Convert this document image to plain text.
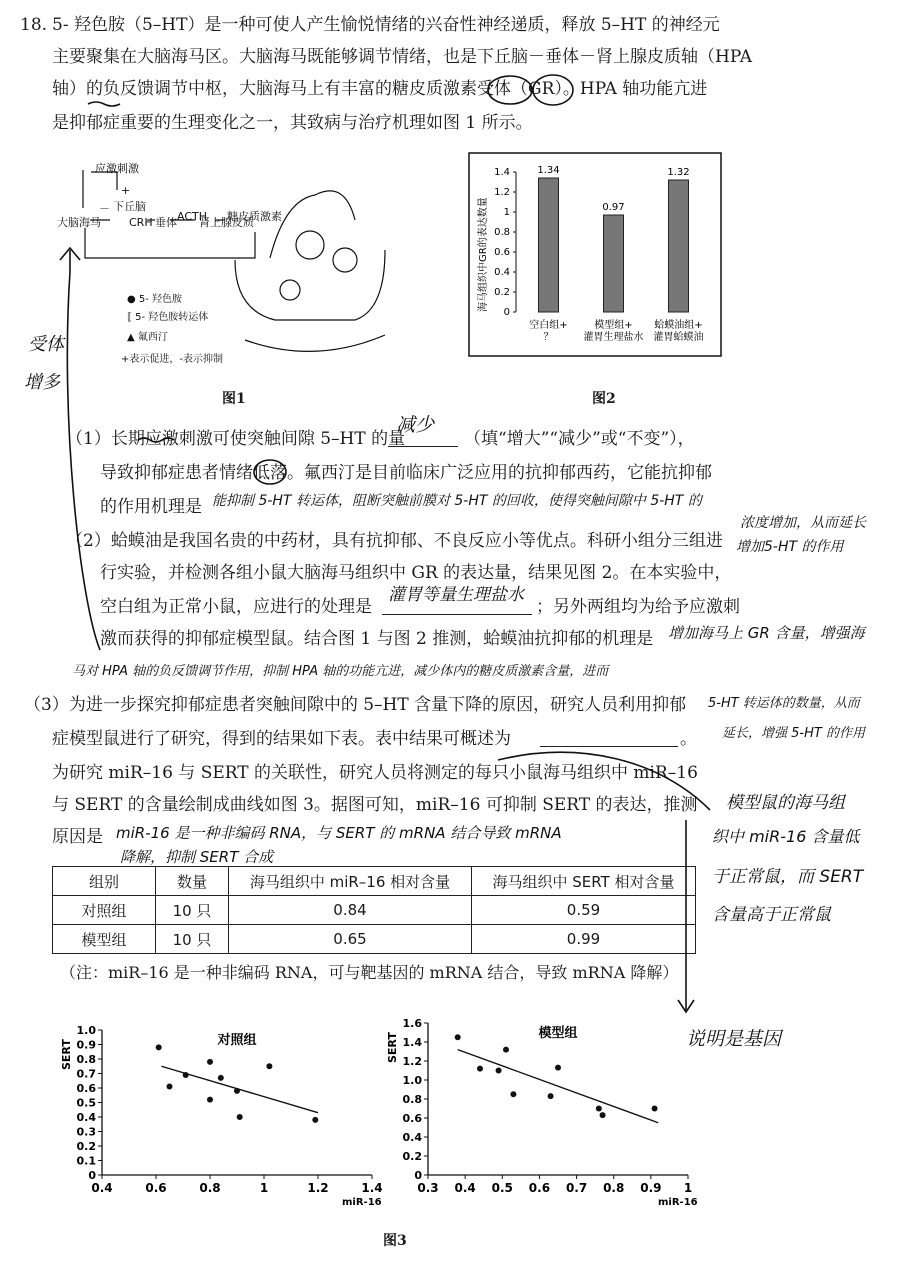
18. 5- 羟色胺（5–HT）是一种可使人产生愉悦情绪的兴奋性神经递质，释放 5–HT 的神经元
主要聚集在大脑海马区。大脑海马既能够调节情绪，也是下丘脑－垂体－肾上腺皮质轴（HPA
轴）的负反馈调节中枢，大脑海马上有丰富的糖皮质激素受体（GR）。HPA 轴功能亢进
是抑郁症重要的生理变化之一，其致病与治疗机理如图 1 所示。
应激刺激
大脑海马
下丘脑
CRH 垂体 ACTH
肾上腺皮质
糖皮质激素
－
+
● 5- 羟色胺
⟦ 5- 羟色胺转运体
▲ 氟西汀
+表示促进，-表示抑制
图1
海马组织中GR的表达数量
0
0.2
0.4
0.6
0.8
1
1.2
1.4	1.34
空白组+
？
0.97
模型组+
灌胃生理盐水
1.32
蛤蟆油组+
灌胃蛤蟆油
图2
（1）长期应激刺激可使突触间隙 5–HT 的量	（填“增大”“减少”或“不变”），
导致抑郁症患者情绪低落。氟西汀是目前临床广泛应用的抗抑郁西药，它能抗抑郁
的作用机理是
（2）蛤蟆油是我国名贵的中药材，具有抗抑郁、不良反应小等优点。科研小组分三组进
行实验，并检测各组小鼠大脑海马组织中 GR 的表达量，结果见图 2。在本实验中，
空白组为正常小鼠，应进行的处理是	；另外两组均为给予应激刺
激而获得的抑郁症模型鼠。结合图 1 与图 2 推测，蛤蟆油抗抑郁的机理是
（3）为进一步探究抑郁症患者突触间隙中的 5–HT 含量下降的原因，研究人员利用抑郁
症模型鼠进行了研究，得到的结果如下表。表中结果可概述为	。
为研究 miR–16 与 SERT 的关联性，研究人员将测定的每只小鼠海马组织中 miR–16
与 SERT 的含量绘制成曲线如图 3。据图可知，miR–16 可抑制 SERT 的表达，推测
原因是
组别	数量	海马组织中 miR–16 相对含量	海马组织中 SERT 相对含量
对照组	10 只	0.84	0.59
模型组	10 只	0.65	0.99
（注：miR–16 是一种非编码 RNA，可与靶基因的 mRNA 结合，导致 mRNA 降解）
0.4	0.6	0.8	1	1.2	1.4
0
0.1
0.2
0.3
0.4
0.5
0.6
0.7
0.8
0.9
1.0
对照组
SERT
miR-16
0.3 0.4 0.5 0.6 0.7 0.8 0.9 1
0
0.2
0.4
0.6
0.8
1.0
1.2
1.4
1.6
模型组
SERT
miR-16
图3
减少
能抑制 5-HT 转运体，阻断突触前膜对 5-HT 的回收，使得突触间隙中 5-HT 的
浓度增加，从而延长
增加5-HT 的作用
灌胃等量生理盐水
增加海马上 GR 含量，增强海
马对 HPA 轴的负反馈调节作用，抑制 HPA 轴的功能亢进，减少体内的糖皮质激素含量，进而
5-HT 转运体的数量，从而
延长，增强 5-HT 的作用
miR-16 是一种非编码 RNA，与 SERT 的 mRNA 结合导致 mRNA
降解，抑制 SERT 合成
模型鼠的海马组
织中 miR-16 含量低
于正常鼠，而 SERT
含量高于正常鼠
说明是基因
受体
增多
